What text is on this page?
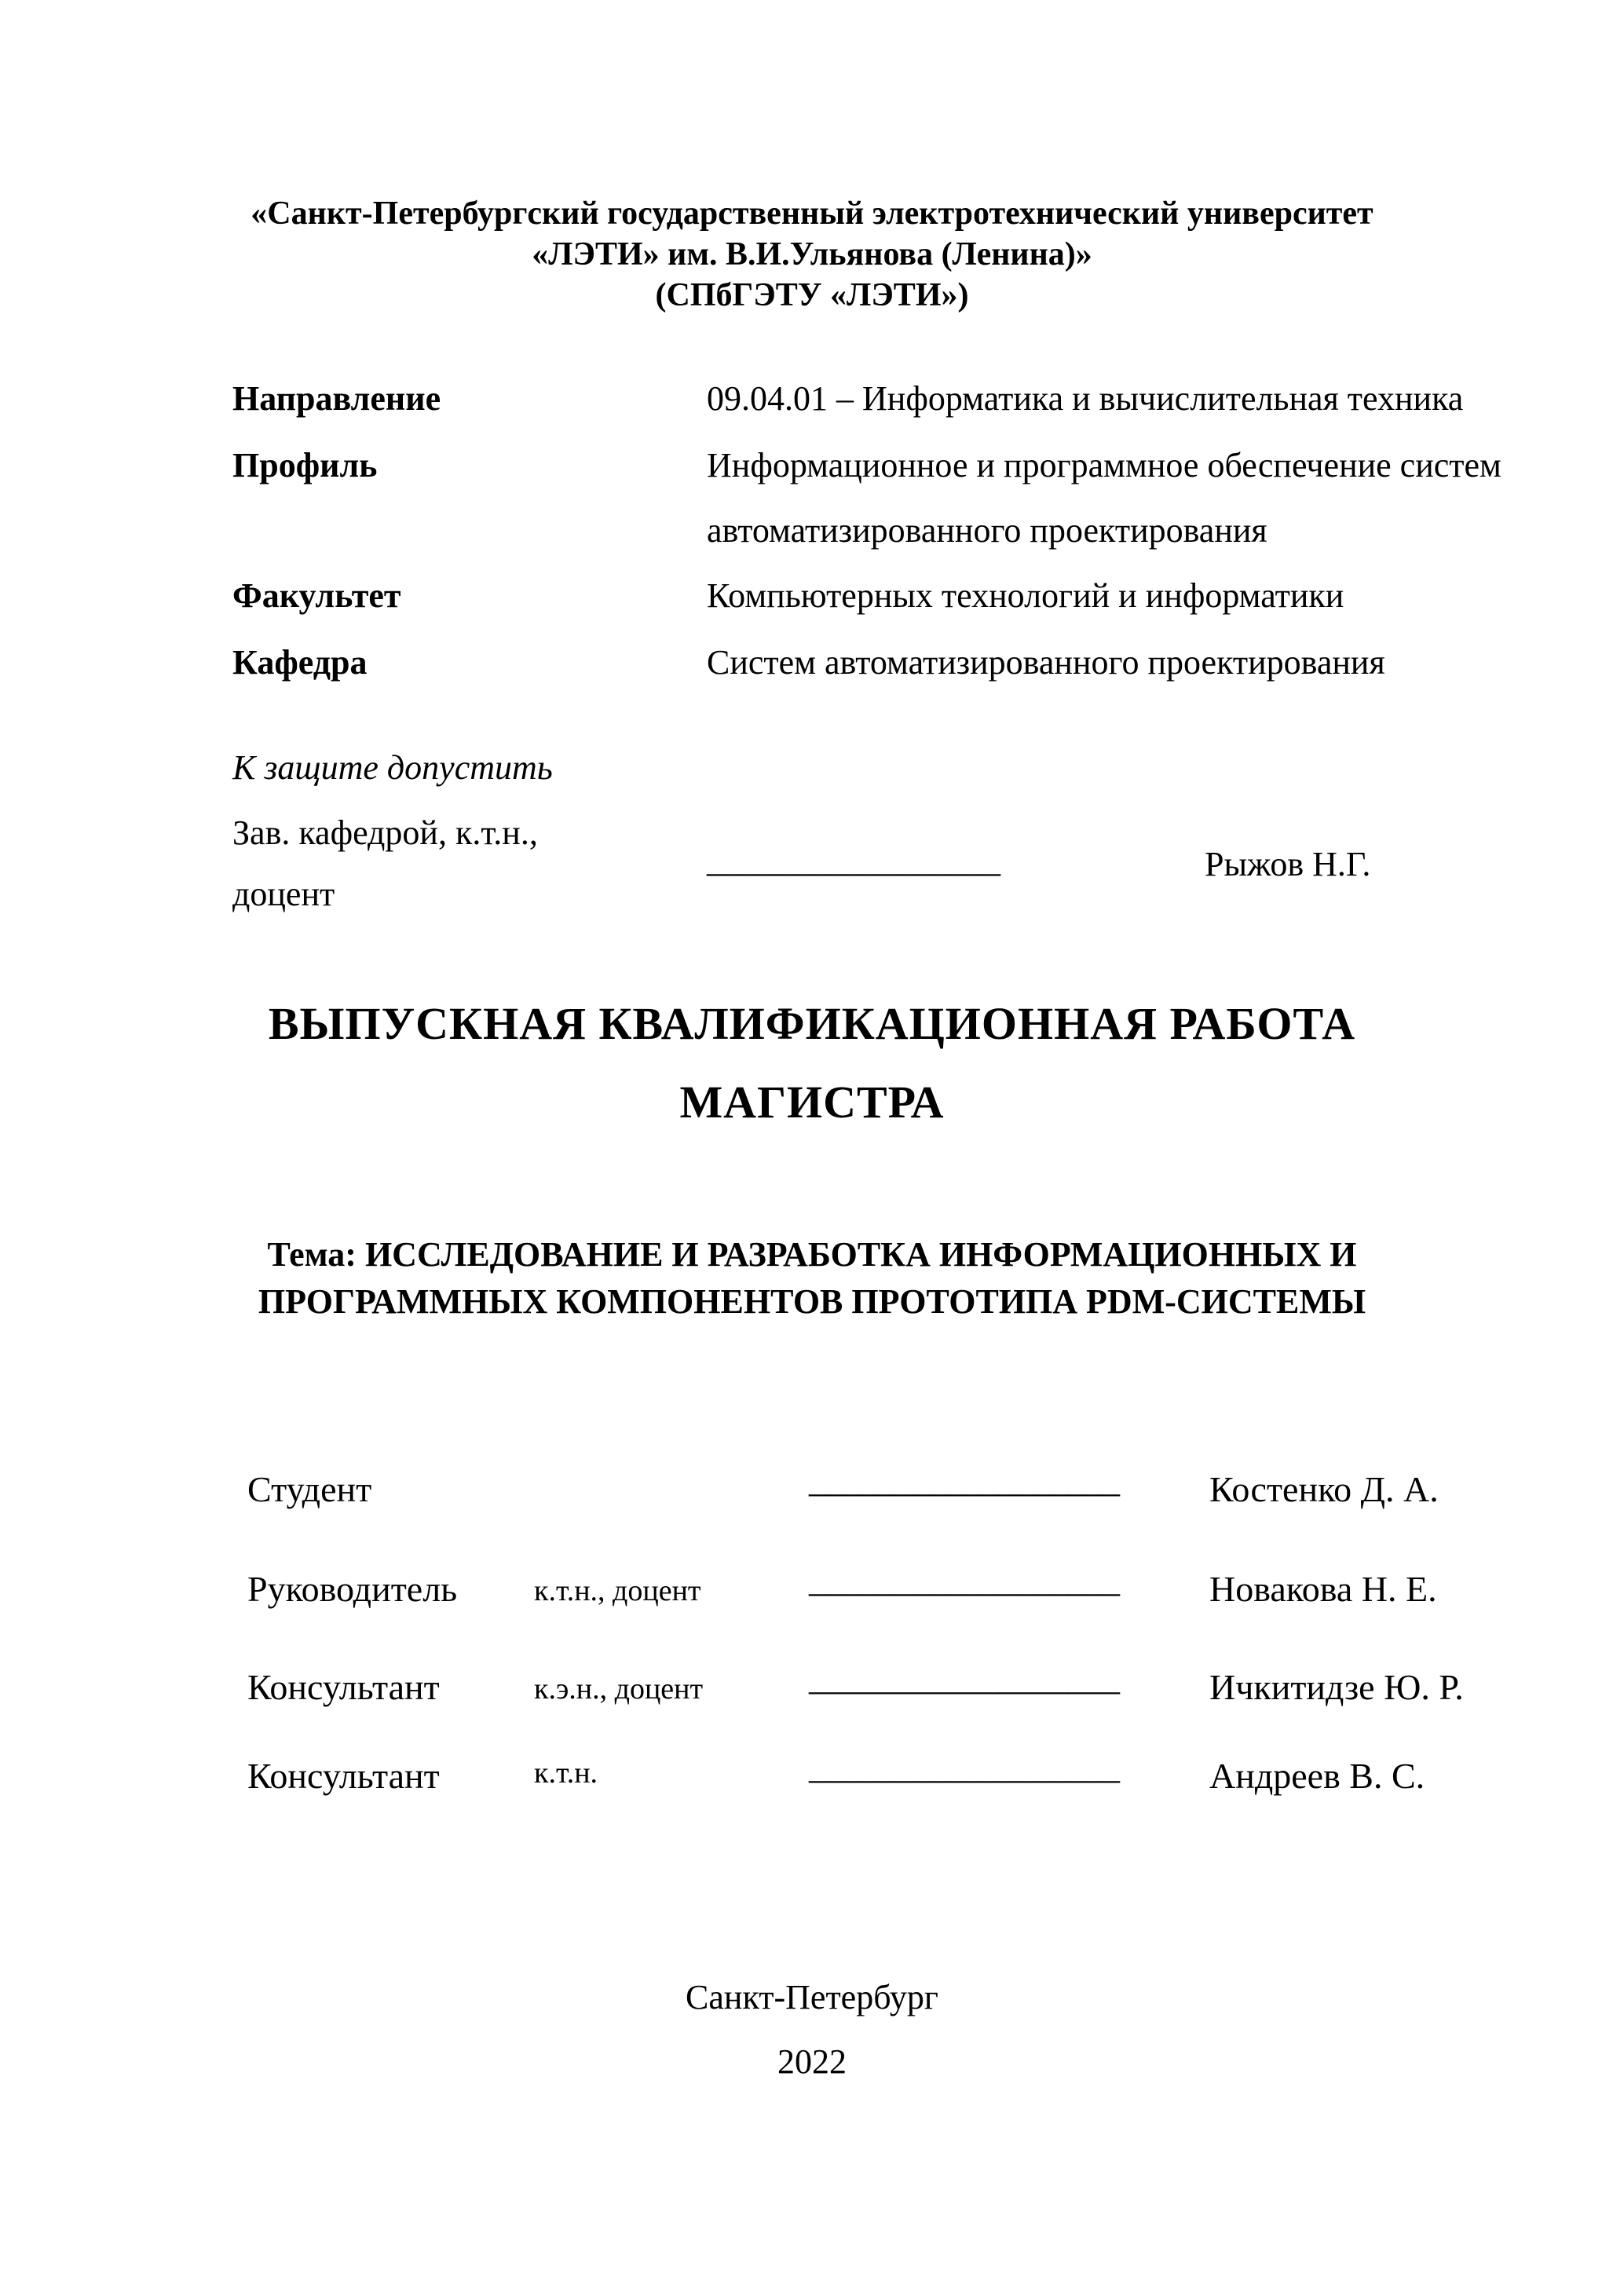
«Санкт-Петербургский государственный электротехнический университет
«ЛЭТИ» им. В.И.Ульянова (Ленина)»
(СПбГЭТУ «ЛЭТИ»)
Направление	09.04.01 – Информатика и вычислительная техника
Профиль	Информационное и программное обеспечение систем
автоматизированного проектирования
Факультет	Компьютерных технологий и информатики
Кафедра	Систем автоматизированного проектирования
К защите допустить
Зав. кафедрой, к.т.н.,
доцент
_________________	Рыжов Н.Г.
ВЫПУСКНАЯ КВАЛИФИКАЦИОННАЯ РАБОТА
МАГИСТРА
Тема: ИССЛЕДОВАНИЕ И РАЗРАБОТКА ИНФОРМАЦИОННЫХ И
ПРОГРАММНЫХ КОМПОНЕНТОВ ПРОТОТИПА PDM-СИСТЕМЫ
Студент	__________________ Костенко Д. А.
Руководитель	к.т.н., доцент	__________________ Новакова Н. Е.
Консультант	к.э.н., доцент	__________________ Ичкитидзе Ю. Р.
Консультант	к.т.н.	__________________ Андреев В. С.
Санкт-Петербург
2022
